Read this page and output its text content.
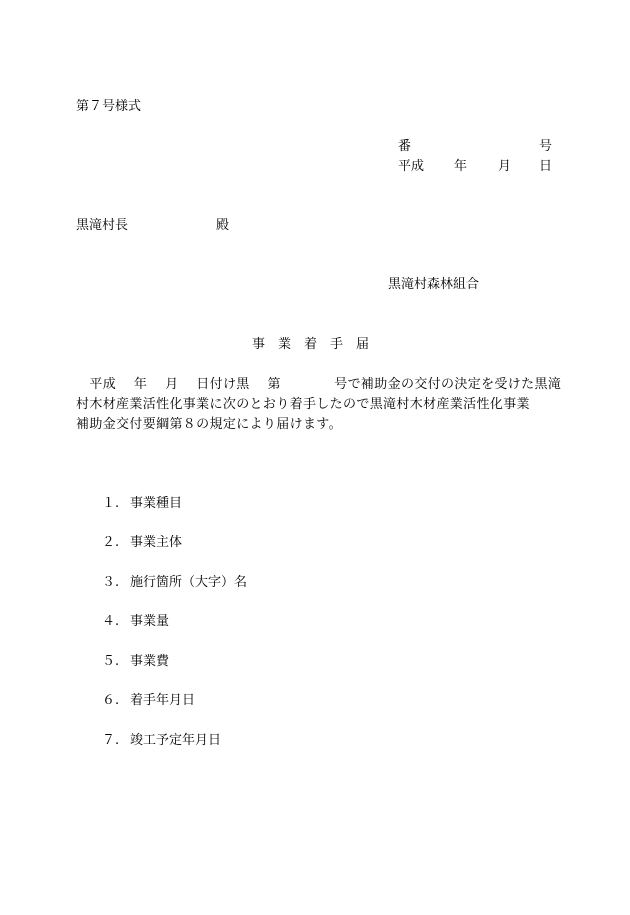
第７号様式
番	号
平成 年 月 日
黒滝村長	殿
黒滝村森林組合
事　業　着　手　届
　平成　 年　 月　 日付け黒　 第　　　　号で補助金の交付の決定を受けた黒滝
村木材産業活性化事業に次のとおり着手したので黒滝村木材産業活性化事業
補助金交付要綱第８の規定により届けます。
１. 事業種目
２. 事業主体
３. 施行箇所（大字）名
４. 事業量
５. 事業費
６. 着手年月日
７. 竣工予定年月日
